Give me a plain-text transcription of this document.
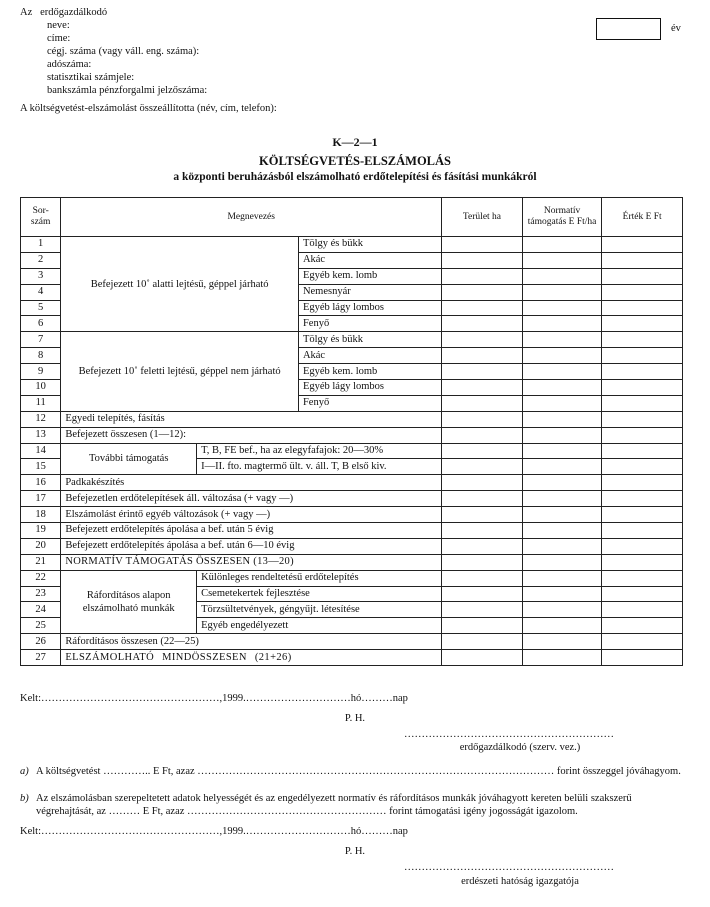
Az erdőgazdálkodó
neve:
címe:
cégj. száma (vagy váll. eng. száma):
adószáma:
statisztikai számjele:
bankszámla pénzforgalmi jelzőszáma:
év
A költségvetést-elszámolást összeállította (név, cím, telefon):
K—2—1
KÖLTSÉGVETÉS-ELSZÁMOLÁS
a központi beruházásból elszámolható erdőtelepítési és fásítási munkákról
Sor- szám	Megnevezés			Terület ha	Normatív támogatás E Ft/ha	Érték E Ft
1	Befejezett 10˚ alatti lejtésű, géppel járható		Tölgy és bükk			
2			Akác			
3			Egyéb kem. lomb			
4			Nemesnyár			
5			Egyéb lágy lombos			
6			Fenyő			
7	Befejezett 10˚ feletti lejtésű, géppel nem járható		Tölgy és bükk			
8			Akác			
9			Egyéb kem. lomb			
10			Egyéb lágy lombos			
11			Fenyő			
12	Egyedi telepítés, fásítás					
13	Befejezett összesen (1—12):					
14	További támogatás	T, B, FE bef., ha az elegyfafajok: 20—30%				
15		I—II. fto. magtermő ült. v. áll. T, B első kiv.				
16	Padkakészítés					
17	Befejezetlen erdőtelepítések áll. változása (+ vagy —)					
18	Elszámolást érintő egyéb változások (+ vagy —)					
19	Befejezett erdőtelepítés ápolása a bef. után 5 évig					
20	Befejezett erdőtelepítés ápolása a bef. után 6—10 évig					
21	NORMATÍV TÁMOGATÁS ÖSSZESEN (13—20)					
22	Ráfordításos alapon elszámolható munkák	Különleges rendeltetésű erdőtelepítés				
23		Csemetekertek fejlesztése				
24		Törzsültetvények, géngyűjt. létesítése				
25		Egyéb engedélyezett				
26	Ráfordításos összesen (22—25)					
27	ELSZÁMOLHATÓ MINDÖSSZESEN (21+26)					
Kelt:……………………………………………,1999.…………………………hó………nap
P. H.
……………………………………………………
erdőgazdálkodó (szerv. vez.)
a) A költségvetést ………….. E Ft, azaz ………………………………………………………………………………………… forint összeggel jóváhagyom.
b) Az elszámolásban szerepeltetett adatok helyességét és az engedélyezett normatív és ráfordításos munkák jóváhagyott kereten belüli szakszerű végrehajtását, az ……… E Ft, azaz ………………………………………………… forint támogatási igény jogosságát igazolom.
Kelt:……………………………………………,1999.…………………………hó………nap
P. H.
……………………………………………………
erdészeti hatóság igazgatója
